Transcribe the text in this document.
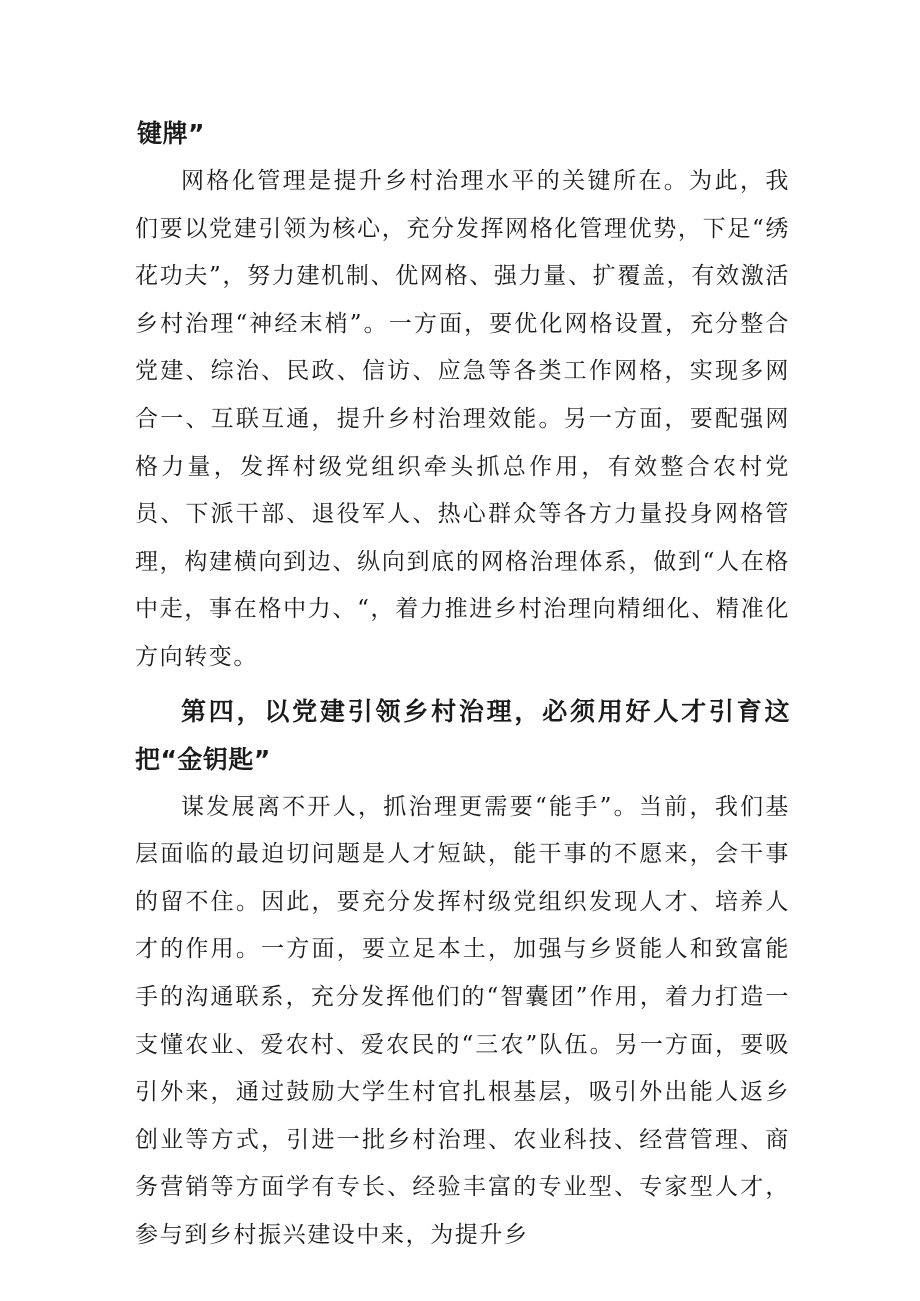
键牌”

网格化管理是提升乡村治理水平的关键所在。为此，我们要以党建引领为核心，充分发挥网格化管理优势，下足“绣花功夫”，努力建机制、优网格、强力量、扩覆盖，有效激活乡村治理“神经末梢”。一方面，要优化网格设置，充分整合党建、综治、民政、信访、应急等各类工作网格，实现多网合一、互联互通，提升乡村治理效能。另一方面，要配强网格力量，发挥村级党组织牵头抓总作用，有效整合农村党员、下派干部、退役军人、热心群众等各方力量投身网格管理，构建横向到边、纵向到底的网格治理体系，做到“人在格中走，事在格中力、“，着力推进乡村治理向精细化、精准化方向转变。

第四，以党建引领乡村治理，必须用好人才引育这把“金钥匙”

谋发展离不开人，抓治理更需要“能手”。当前，我们基层面临的最迫切问题是人才短缺，能干事的不愿来，会干事的留不住。因此，要充分发挥村级党组织发现人才、培养人才的作用。一方面，要立足本土，加强与乡贤能人和致富能手的沟通联系，充分发挥他们的“智囊团”作用，着力打造一支懂农业、爱农村、爱农民的“三农”队伍。另一方面，要吸引外来，通过鼓励大学生村官扎根基层，吸引外出能人返乡创业等方式，引进一批乡村治理、农业科技、经营管理、商务营销等方面学有专长、经验丰富的专业型、专家型人才，参与到乡村振兴建设中来，为提升乡
